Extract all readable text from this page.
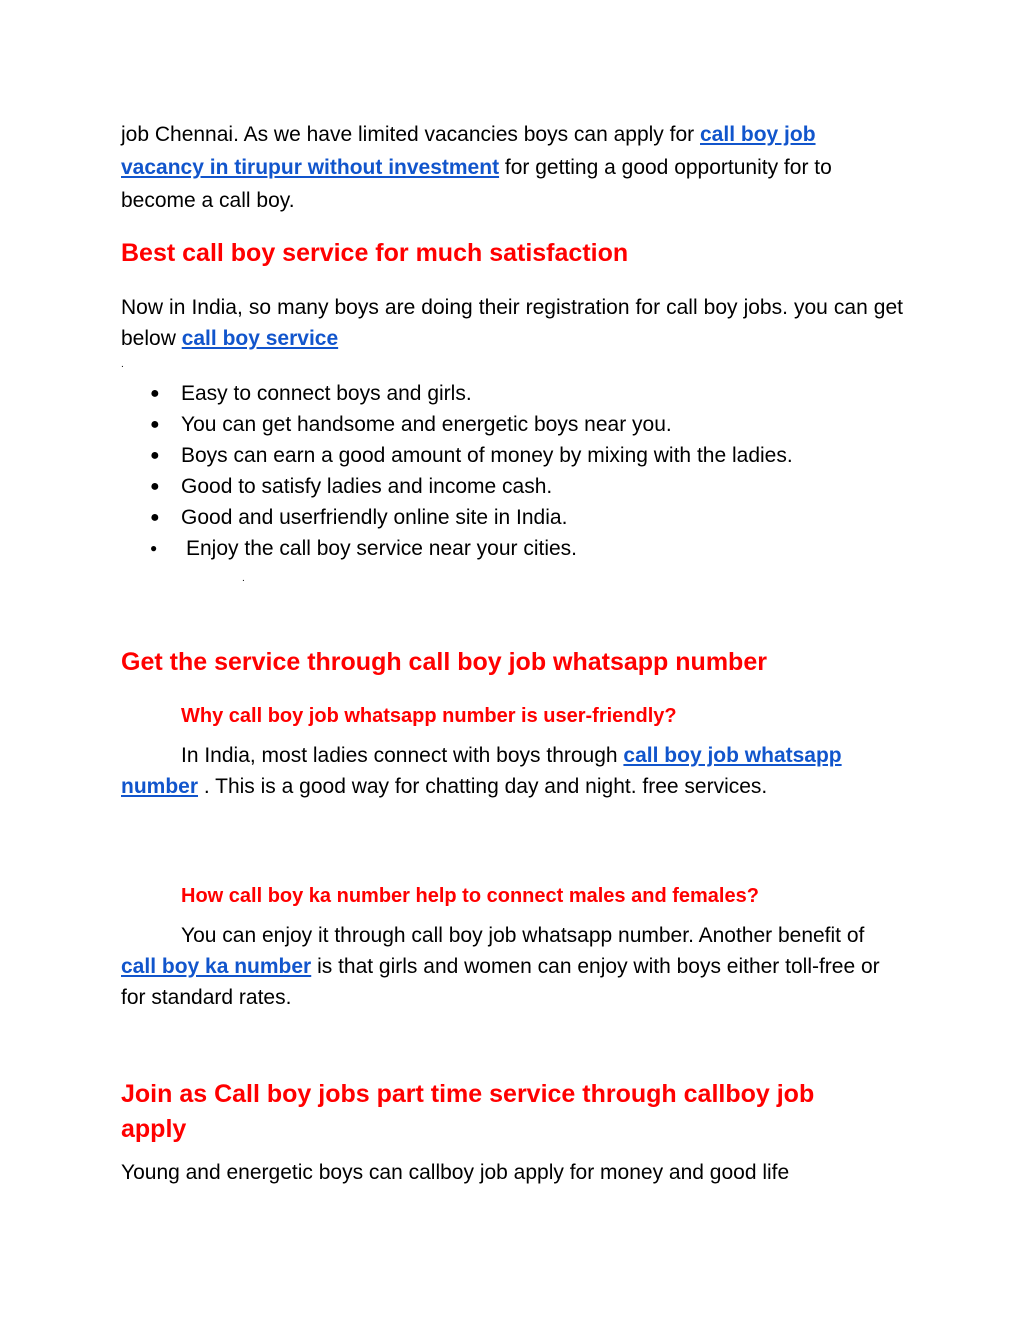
job Chennai. As we have limited vacancies boys can apply for call boy job vacancy in tirupur without investment for getting a good opportunity for to become a call boy.

Best call boy service for much satisfaction

Now in India, so many boys are doing their registration for call boy jobs. you can get below call boy service

.
● Easy to connect boys and girls.
● You can get handsome and energetic boys near you.
● Boys can earn a good amount of money by mixing with the ladies.
● Good to satisfy ladies and income cash.
● Good and userfriendly online site in India.
● Enjoy the call boy service near your cities.
.
Get the service through call boy job whatsapp number
Why call boy job whatsapp number is user-friendly?

In India, most ladies connect with boys through call boy job whatsapp number . This is a good way for chatting day and night. free services.

How call boy ka number help to connect males and females?

You can enjoy it through call boy job whatsapp number. Another benefit of call boy ka number is that girls and women can enjoy with boys either toll-free or for standard rates.

Join as Call boy jobs part time service through callboy job apply

Young and energetic boys can callboy job apply for money and good life
